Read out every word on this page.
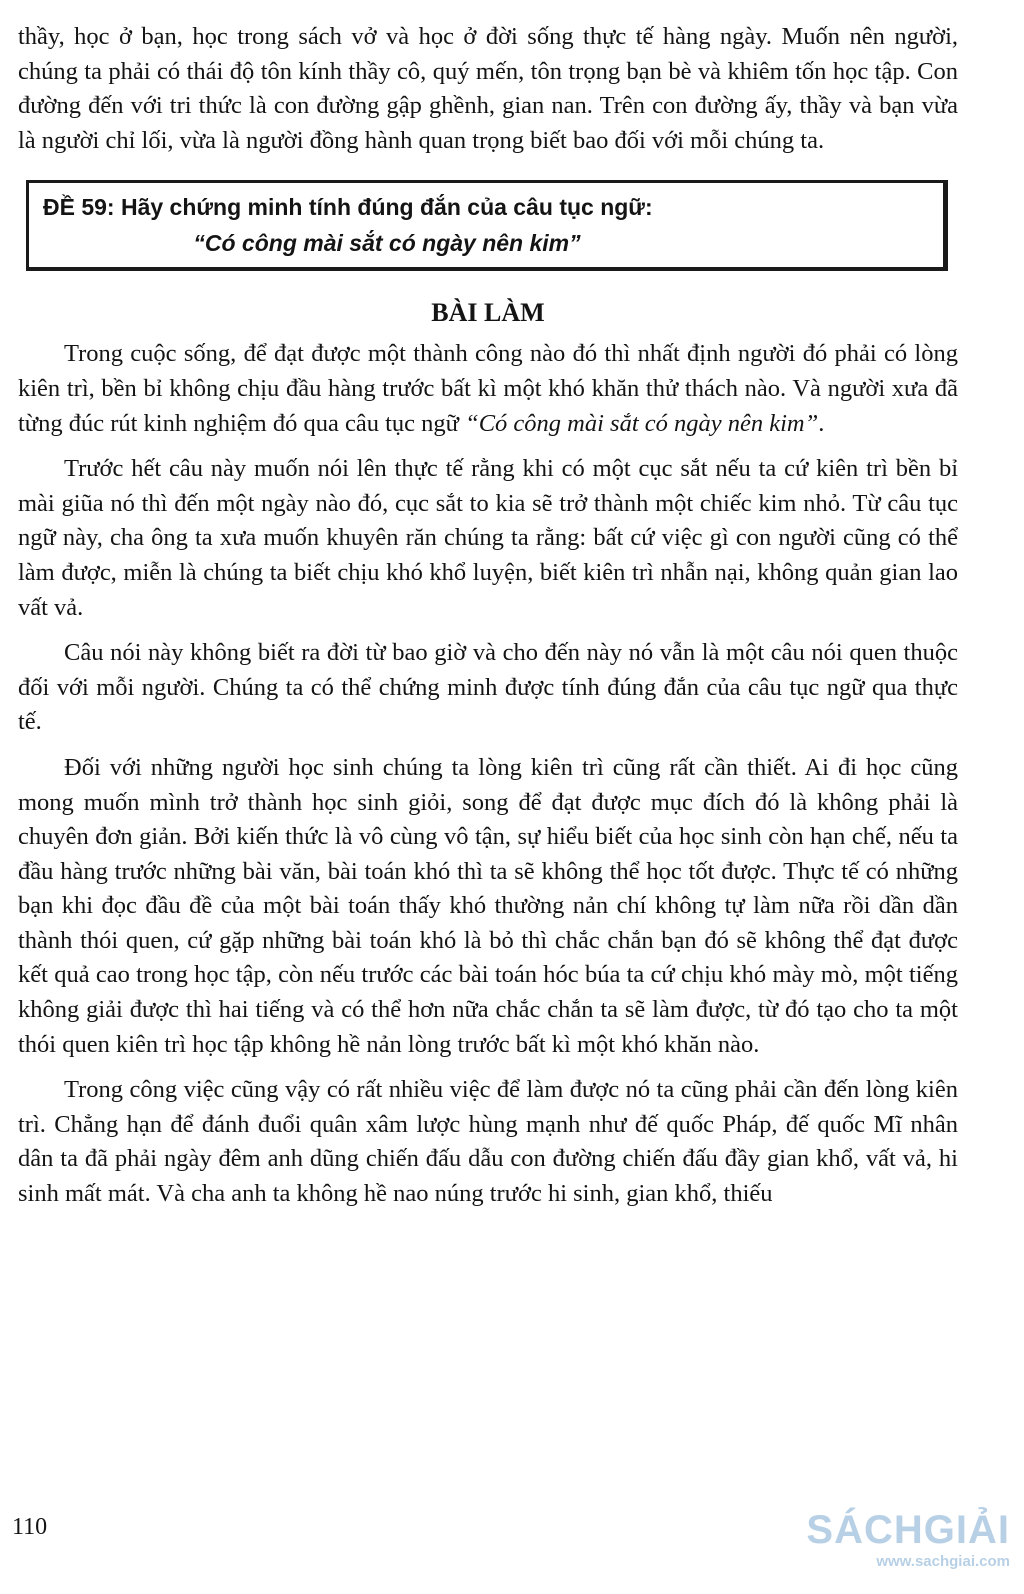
thầy, học ở bạn, học trong sách vở và học ở đời sống thực tế hàng ngày. Muốn nên người, chúng ta phải có thái độ tôn kính thầy cô, quý mến, tôn trọng bạn bè và khiêm tốn học tập. Con đường đến với tri thức là con đường gập ghềnh, gian nan. Trên con đường ấy, thầy và bạn vừa là người chỉ lối, vừa là người đồng hành quan trọng biết bao đối với mỗi chúng ta.

ĐỀ 59: Hãy chứng minh tính đúng đắn của câu tục ngữ:
“Có công mài sắt có ngày nên kim”
BÀI LÀM

Trong cuộc sống, để đạt được một thành công nào đó thì nhất định người đó phải có lòng kiên trì, bền bỉ không chịu đầu hàng trước bất kì một khó khăn thử thách nào. Và người xưa đã từng đúc rút kinh nghiệm đó qua câu tục ngữ “Có công mài sắt có ngày nên kim”.

Trước hết câu này muốn nói lên thực tế rằng khi có một cục sắt nếu ta cứ kiên trì bền bỉ mài giũa nó thì đến một ngày nào đó, cục sắt to kia sẽ trở thành một chiếc kim nhỏ. Từ câu tục ngữ này, cha ông ta xưa muốn khuyên răn chúng ta rằng: bất cứ việc gì con người cũng có thể làm được, miễn là chúng ta biết chịu khó khổ luyện, biết kiên trì nhẫn nại, không quản gian lao vất vả.

Câu nói này không biết ra đời từ bao giờ và cho đến này nó vẫn là một câu nói quen thuộc đối với mỗi người. Chúng ta có thể chứng minh được tính đúng đắn của câu tục ngữ qua thực tế.

Đối với những người học sinh chúng ta lòng kiên trì cũng rất cần thiết. Ai đi học cũng mong muốn mình trở thành học sinh giỏi, song để đạt được mục đích đó là không phải là chuyên đơn giản. Bởi kiến thức là vô cùng vô tận, sự hiểu biết của học sinh còn hạn chế, nếu ta đầu hàng trước những bài văn, bài toán khó thì ta sẽ không thể học tốt được. Thực tế có những bạn khi đọc đầu đề của một bài toán thấy khó thường nản chí không tự làm nữa rồi dần dần thành thói quen, cứ gặp những bài toán khó là bỏ thì chắc chắn bạn đó sẽ không thể đạt được kết quả cao trong học tập, còn nếu trước các bài toán hóc búa ta cứ chịu khó mày mò, một tiếng không giải được thì hai tiếng và có thể hơn nữa chắc chắn ta sẽ làm được, từ đó tạo cho ta một thói quen kiên trì học tập không hề nản lòng trước bất kì một khó khăn nào.

Trong công việc cũng vậy có rất nhiều việc để làm được nó ta cũng phải cần đến lòng kiên trì. Chẳng hạn để đánh đuổi quân xâm lược hùng mạnh như đế quốc Pháp, đế quốc Mĩ nhân dân ta đã phải ngày đêm anh dũng chiến đấu dẫu con đường chiến đấu đầy gian khổ, vất vả, hi sinh mất mát. Và cha anh ta không hề nao núng trước hi sinh, gian khổ, thiếu

110	SÁCHGIẢI
www.sachgiai.com
